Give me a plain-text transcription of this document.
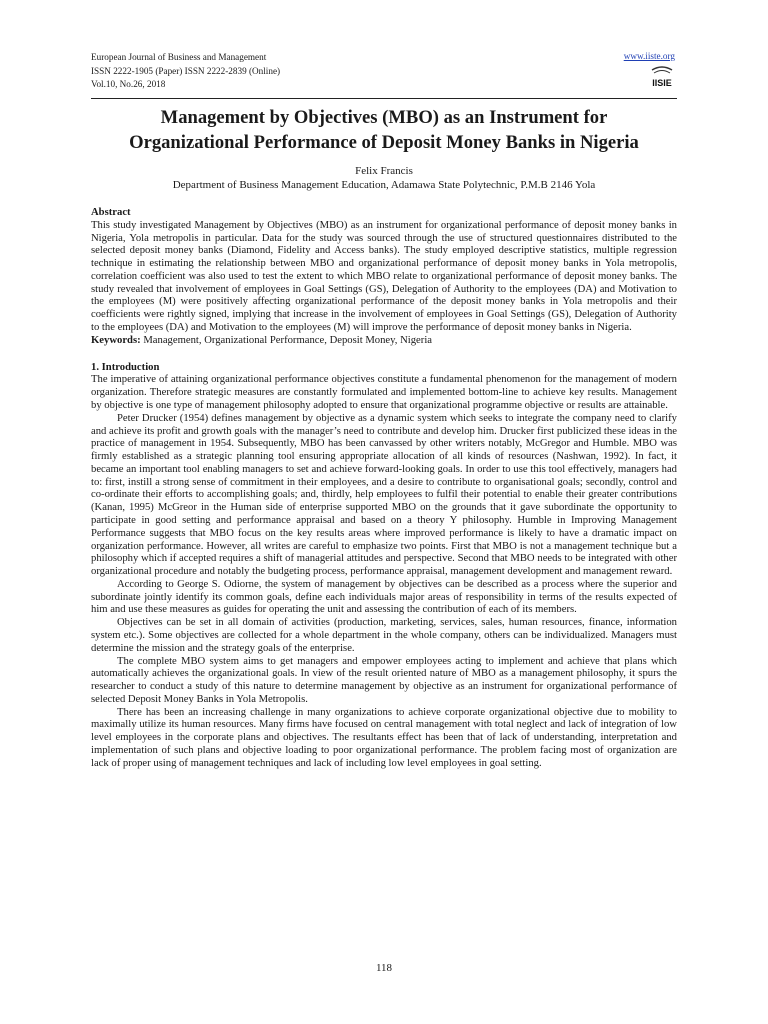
European Journal of Business and Management
ISSN 2222-1905 (Paper) ISSN 2222-2839 (Online)
Vol.10, No.26, 2018
www.iiste.org
IISIE
Management by Objectives (MBO) as an Instrument for
Organizational Performance of Deposit Money Banks in Nigeria
Felix Francis
Department of Business Management Education, Adamawa State Polytechnic, P.M.B 2146 Yola
Abstract

This study investigated Management by Objectives (MBO) as an instrument for organizational performance of deposit money banks in Nigeria, Yola metropolis in particular. Data for the study was sourced through the use of structured questionnaires distributed to the selected deposit money banks (Diamond, Fidelity and Access banks). The study employed descriptive statistics, multiple regression technique in estimating the relationship between MBO and organizational performance of deposit money banks in Yola metropolis, correlation coefficient was also used to test the extent to which MBO relate to organizational performance of deposit money banks. The study revealed that involvement of employees in Goal Settings (GS), Delegation of Authority to the employees (DA) and Motivation to the employees (M) were positively affecting organizational performance of the deposit money banks in Yola metropolis and their coefficients were rightly signed, implying that increase in the involvement of employees in Goal Settings (GS), Delegation of Authority to the employees (DA) and Motivation to the employees (M) will improve the performance of deposit money banks in Nigeria.

Keywords: Management, Organizational Performance, Deposit Money, Nigeria

1. Introduction

The imperative of attaining organizational performance objectives constitute a fundamental phenomenon for the management of modern organization. Therefore strategic measures are constantly formulated and implemented bottom-line to achieve key results. Management by objective is one type of management philosophy adopted to ensure that organizational programme objective or results are attainable.

Peter Drucker (1954) defines management by objective as a dynamic system which seeks to integrate the company need to clarify and achieve its profit and growth goals with the manager’s need to contribute and develop him. Drucker first publicized these ideas in the practice of management in 1954. Subsequently, MBO has been canvassed by other writers notably, McGregor and Humble. MBO was firmly established as a strategic planning tool ensuring appropriate allocation of all kinds of resources (Nashwan, 1992). In fact, it became an important tool enabling managers to set and achieve forward-looking goals. In order to use this tool effectively, managers had to: first, instill a strong sense of commitment in their employees, and a desire to contribute to organisational goals; secondly, control and co-ordinate their efforts to accomplishing goals; and, thirdly, help employees to fulfil their potential to enable their greater contributions (Kanan, 1995) McGreor in the Human side of enterprise supported MBO on the grounds that it gave subordinate the opportunity to participate in good setting and performance appraisal and based on a theory Y philosophy. Humble in Improving Management Performance suggests that MBO focus on the key results areas where improved performance is likely to have a dramatic impact on organization performance. However, all writes are careful to emphasize two points. First that MBO is not a management technique but a philosophy which if accepted requires a shift of managerial attitudes and perspective. Second that MBO needs to be integrated with other organizational procedure and notably the budgeting process, performance appraisal, management development and management reward.

According to George S. Odiorne, the system of management by objectives can be described as a process where the superior and subordinate jointly identify its common goals, define each individuals major areas of responsibility in terms of the results expected of him and use these measures as guides for operating the unit and assessing the contribution of each of its members.

Objectives can be set in all domain of activities (production, marketing, services, sales, human resources, finance, information system etc.). Some objectives are collected for a whole department in the whole company, others can be individualized. Managers must determine the mission and the strategy goals of the enterprise.

The complete MBO system aims to get managers and empower employees acting to implement and achieve that plans which automatically achieves the organizational goals. In view of the result oriented nature of MBO as a management philosophy, it spurs the researcher to conduct a study of this nature to determine management by objective as an instrument for organizational performance of selected Deposit Money Banks in Yola Metropolis.

There has been an increasing challenge in many organizations to achieve corporate organizational objective due to mobility to maximally utilize its human resources. Many firms have focused on central management with total neglect and lack of integration of low level employees in the corporate plans and objectives. The resultants effect has been that of lack of understanding, interpretation and implementation of such plans and objective loading to poor organizational performance. The problem facing most of organization are lack of proper using of management techniques and lack of including low level employees in goal setting.

118
